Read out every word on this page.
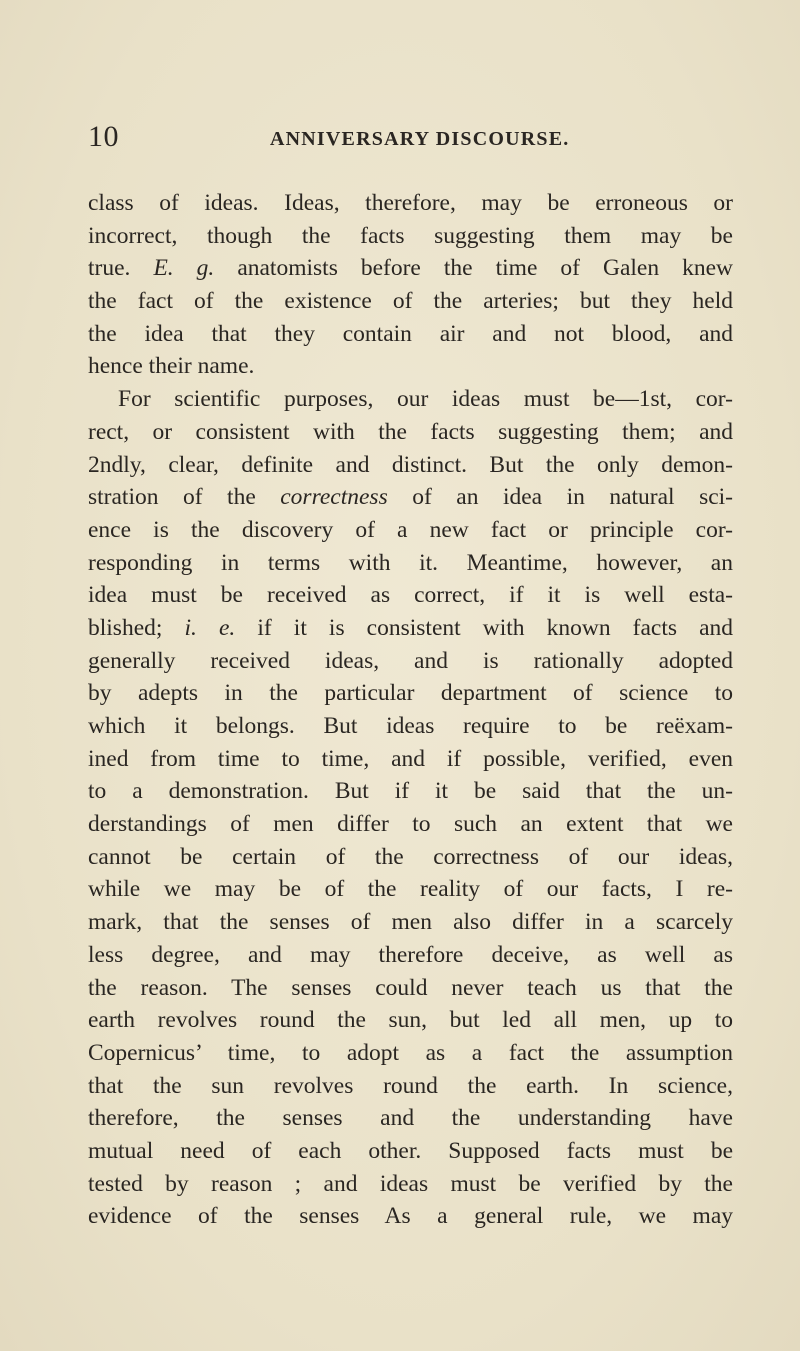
10	ANNIVERSARY DISCOURSE.
class of ideas. Ideas, therefore, may be erroneous or
incorrect, though the facts suggesting them may be
true. E. g. anatomists before the time of Galen knew
the fact of the existence of the arteries; but they held
the idea that they contain air and not blood, and
hence their name.
For scientific purposes, our ideas must be—1st, cor-
rect, or consistent with the facts suggesting them; and
2ndly, clear, definite and distinct. But the only demon-
stration of the correctness of an idea in natural sci-
ence is the discovery of a new fact or principle cor-
responding in terms with it. Meantime, however, an
idea must be received as correct, if it is well esta-
blished; i. e. if it is consistent with known facts and
generally received ideas, and is rationally adopted
by adepts in the particular department of science to
which it belongs. But ideas require to be reëxam-
ined from time to time, and if possible, verified, even
to a demonstration. But if it be said that the un-
derstandings of men differ to such an extent that we
cannot be certain of the correctness of our ideas,
while we may be of the reality of our facts, I re-
mark, that the senses of men also differ in a scarcely
less degree, and may therefore deceive, as well as
the reason. The senses could never teach us that the
earth revolves round the sun, but led all men, up to
Copernicus’ time, to adopt as a fact the assumption
that the sun revolves round the earth. In science,
therefore, the senses and the understanding have
mutual need of each other. Supposed facts must be
tested by reason ; and ideas must be verified by the
evidence of the senses As a general rule, we may
